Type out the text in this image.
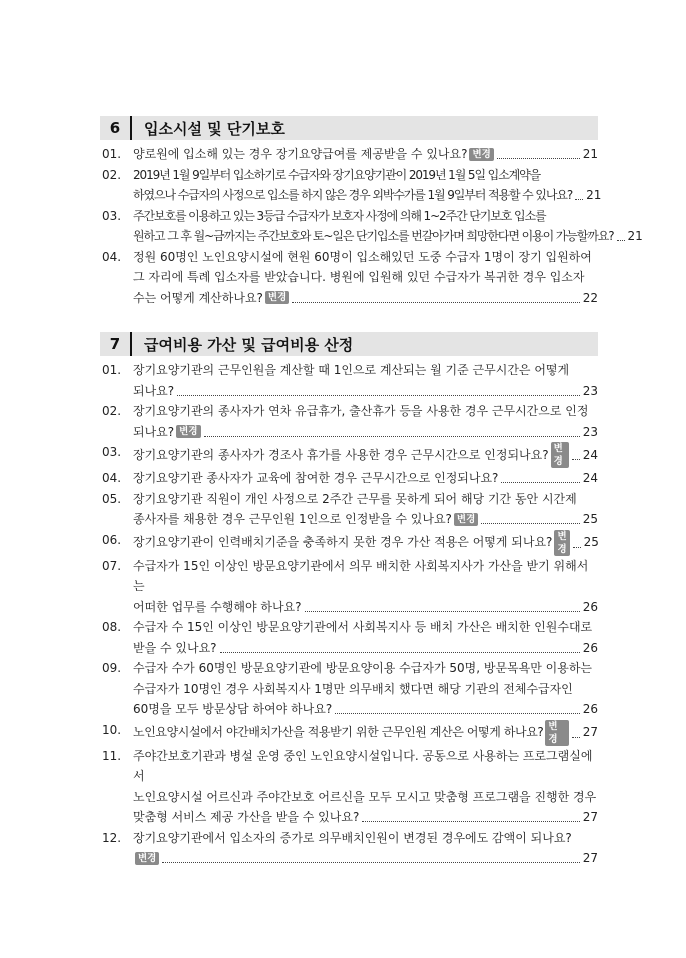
6	입소시설 및 단기보호
01. 양로원에 입소해 있는 경우 장기요양급여를 제공받을 수 있나요? 변경	21
02. 2019년 1월 9일부터 입소하기로 수급자와 장기요양기관이 2019년 1월 5일 입소계약을
하였으나 수급자의 사정으로 입소를 하지 않은 경우 외박수가를 1월 9일부터 적용할 수 있나요? 21
03. 주간보호를 이용하고 있는 3등급 수급자가 보호자 사정에 의해 1~2주간 단기보호 입소를
원하고 그 후 월~금까지는 주간보호와 토~일은 단기입소를 번갈아가며 희망한다면 이용이 가능할까요? 21
04. 정원 60명인 노인요양시설에 현원 60명이 입소해있던 도중 수급자 1명이 장기 입원하여
그 자리에 특례 입소자를 받았습니다. 병원에 입원해 있던 수급자가 복귀한 경우 입소자
수는 어떻게 계산하나요? 변경	22
7	급여비용 가산 및 급여비용 산정
01. 장기요양기관의 근무인원을 계산할 때 1인으로 계산되는 월 기준 근무시간은 어떻게
되나요?	23
02. 장기요양기관의 종사자가 연차 유급휴가, 출산휴가 등을 사용한 경우 근무시간으로 인정
되나요? 변경	23
03. 장기요양기관의 종사자가 경조사 휴가를 사용한 경우 근무시간으로 인정되나요? 변경	24
04. 장기요양기관 종사자가 교육에 참여한 경우 근무시간으로 인정되나요?	24
05. 장기요양기관 직원이 개인 사정으로 2주간 근무를 못하게 되어 해당 기간 동안 시간제
종사자를 채용한 경우 근무인원 1인으로 인정받을 수 있나요? 변경	25
06. 장기요양기관이 인력배치기준을 충족하지 못한 경우 가산 적용은 어떻게 되나요? 변경 25
07. 수급자가 15인 이상인 방문요양기관에서 의무 배치한 사회복지사가 가산을 받기 위해서는
어떠한 업무를 수행해야 하나요?	26
08. 수급자 수 15인 이상인 방문요양기관에서 사회복지사 등 배치 가산은 배치한 인원수대로
받을 수 있나요?	26
09. 수급자 수가 60명인 방문요양기관에 방문요양이용 수급자가 50명, 방문목욕만 이용하는
수급자가 10명인 경우 사회복지사 1명만 의무배치 했다면 해당 기관의 전체수급자인
60명을 모두 방문상담 하여야 하나요?	26
10. 노인요양시설에서 야간배치가산을 적용받기 위한 근무인원 계산은 어떻게 하나요? 변경	27
11. 주야간보호기관과 병설 운영 중인 노인요양시설입니다. 공동으로 사용하는 프로그램실에서
노인요양시설 어르신과 주야간보호 어르신을 모두 모시고 맞춤형 프로그램을 진행한 경우
맞춤형 서비스 제공 가산을 받을 수 있나요?	27
12. 장기요양기관에서 입소자의 증가로 의무배치인원이 변경된 경우에도 감액이 되나요?
변경	27
